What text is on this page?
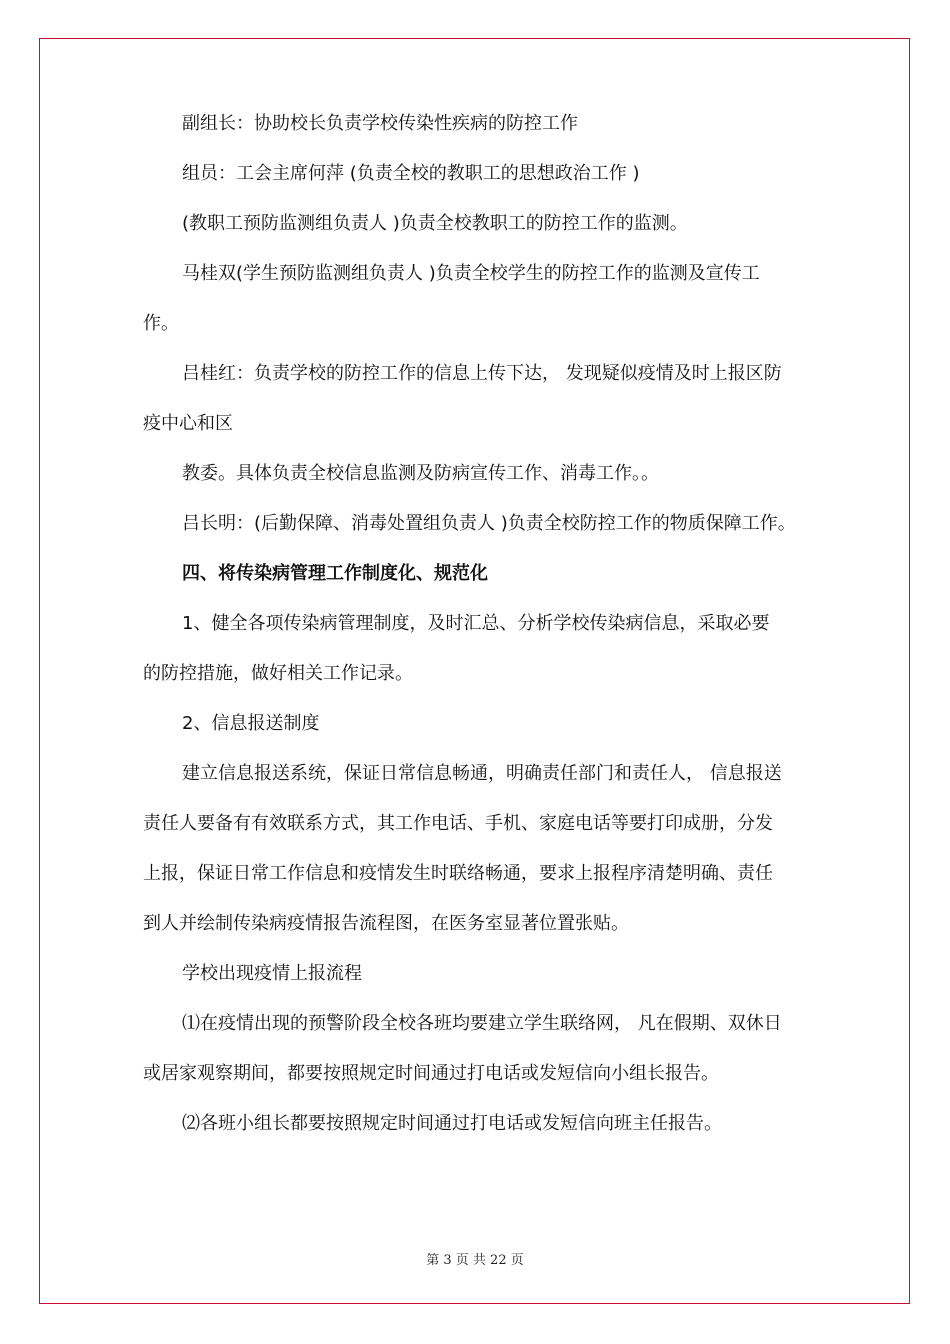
副组长：协助校长负责学校传染性疾病的防控工作
组员：工会主席何萍 (负责全校的教职工的思想政治工作 )
(教职工预防监测组负责人 )负责全校教职工的防控工作的监测。
马桂双(学生预防监测组负责人 )负责全校学生的防控工作的监测及宣传工
作。
吕桂红：负责学校的防控工作的信息上传下达， 发现疑似疫情及时上报区防
疫中心和区
教委。具体负责全校信息监测及防病宣传工作、消毒工作。。
吕长明：(后勤保障、消毒处置组负责人 )负责全校防控工作的物质保障工作。
四、将传染病管理工作制度化、规范化
1、健全各项传染病管理制度，及时汇总、分析学校传染病信息，采取必要
的防控措施，做好相关工作记录。
2、信息报送制度
建立信息报送系统，保证日常信息畅通，明确责任部门和责任人， 信息报送
责任人要备有有效联系方式，其工作电话、手机、家庭电话等要打印成册，分发
上报，保证日常工作信息和疫情发生时联络畅通，要求上报程序清楚明确、责任
到人并绘制传染病疫情报告流程图，在医务室显著位置张贴。
学校出现疫情上报流程
⑴在疫情出现的预警阶段全校各班均要建立学生联络网， 凡在假期、双休日
或居家观察期间，都要按照规定时间通过打电话或发短信向小组长报告。
⑵各班小组长都要按照规定时间通过打电话或发短信向班主任报告。
第 3 页 共 22 页
